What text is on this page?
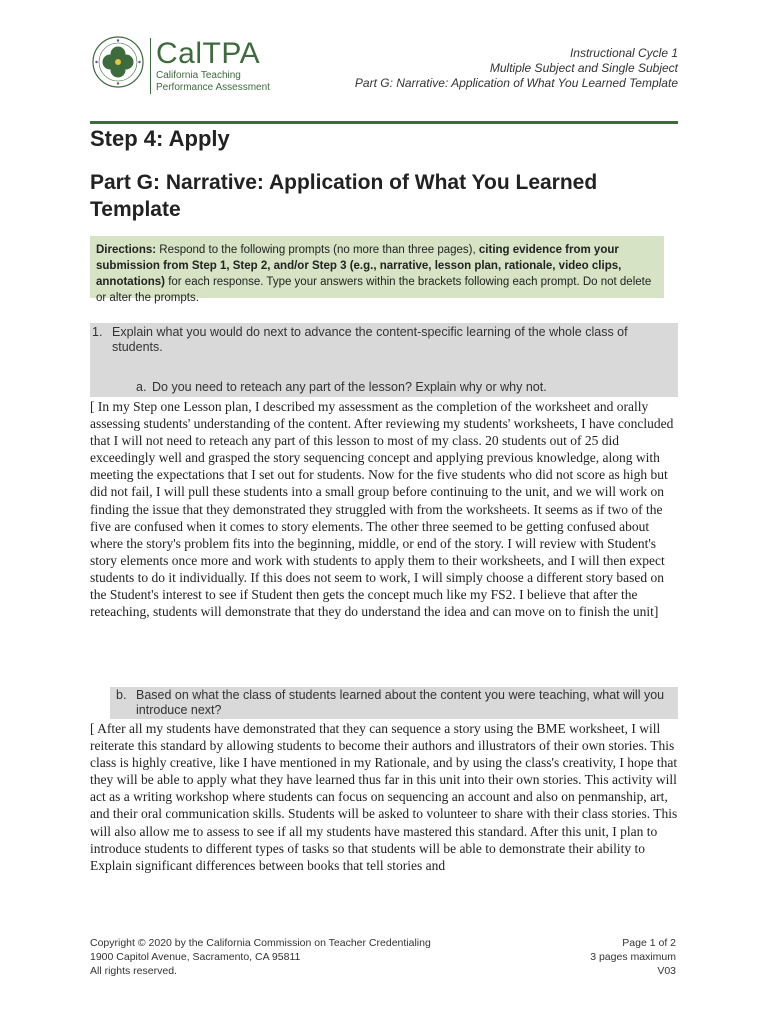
CalTPA
California Teaching
Performance Assessment
Instructional Cycle 1
Multiple Subject and Single Subject
Part G: Narrative: Application of What You Learned Template
Step 4: Apply
Part G: Narrative: Application of What You Learned Template
Directions: Respond to the following prompts (no more than three pages), citing evidence from your submission from Step 1, Step 2, and/or Step 3 (e.g., narrative, lesson plan, rationale, video clips, annotations) for each response. Type your answers within the brackets following each prompt. Do not delete or alter the prompts.
1. Explain what you would do next to advance the content-specific learning of the whole class of students.
a. Do you need to reteach any part of the lesson? Explain why or why not.
[ In my Step one Lesson plan, I described my assessment as the completion of the worksheet and orally assessing students' understanding of the content. After reviewing my students' worksheets, I have concluded that I will not need to reteach any part of this lesson to most of my class. 20 students out of 25 did exceedingly well and grasped the story sequencing concept and applying previous knowledge, along with meeting the expectations that I set out for students. Now for the five students who did not score as high but did not fail, I will pull these students into a small group before continuing to the unit, and we will work on finding the issue that they demonstrated they struggled with from the worksheets. It seems as if two of the five are confused when it comes to story elements. The other three seemed to be getting confused about where the story's problem fits into the beginning, middle, or end of the story. I will review with Student's story elements once more and work with students to apply them to their worksheets, and I will then expect students to do it individually. If this does not seem to work, I will simply choose a different story based on the Student's interest to see if Student then gets the concept much like my FS2. I believe that after the reteaching, students will demonstrate that they do understand the idea and can move on to finish the unit]
b. Based on what the class of students learned about the content you were teaching, what will you introduce next?
[ After all my students have demonstrated that they can sequence a story using the BME worksheet, I will reiterate this standard by allowing students to become their authors and illustrators of their own stories. This class is highly creative, like I have mentioned in my Rationale, and by using the class's creativity, I hope that they will be able to apply what they have learned thus far in this unit into their own stories. This activity will act as a writing workshop where students can focus on sequencing an account and also on penmanship, art, and their oral communication skills. Students will be asked to volunteer to share with their class stories. This will also allow me to assess to see if all my students have mastered this standard. After this unit, I plan to introduce students to different types of tasks so that students will be able to demonstrate their ability to Explain significant differences between books that tell stories and
Copyright © 2020 by the California Commission on Teacher Credentialing
1900 Capitol Avenue, Sacramento, CA 95811
All rights reserved.
Page 1 of 2
3 pages maximum
V03
